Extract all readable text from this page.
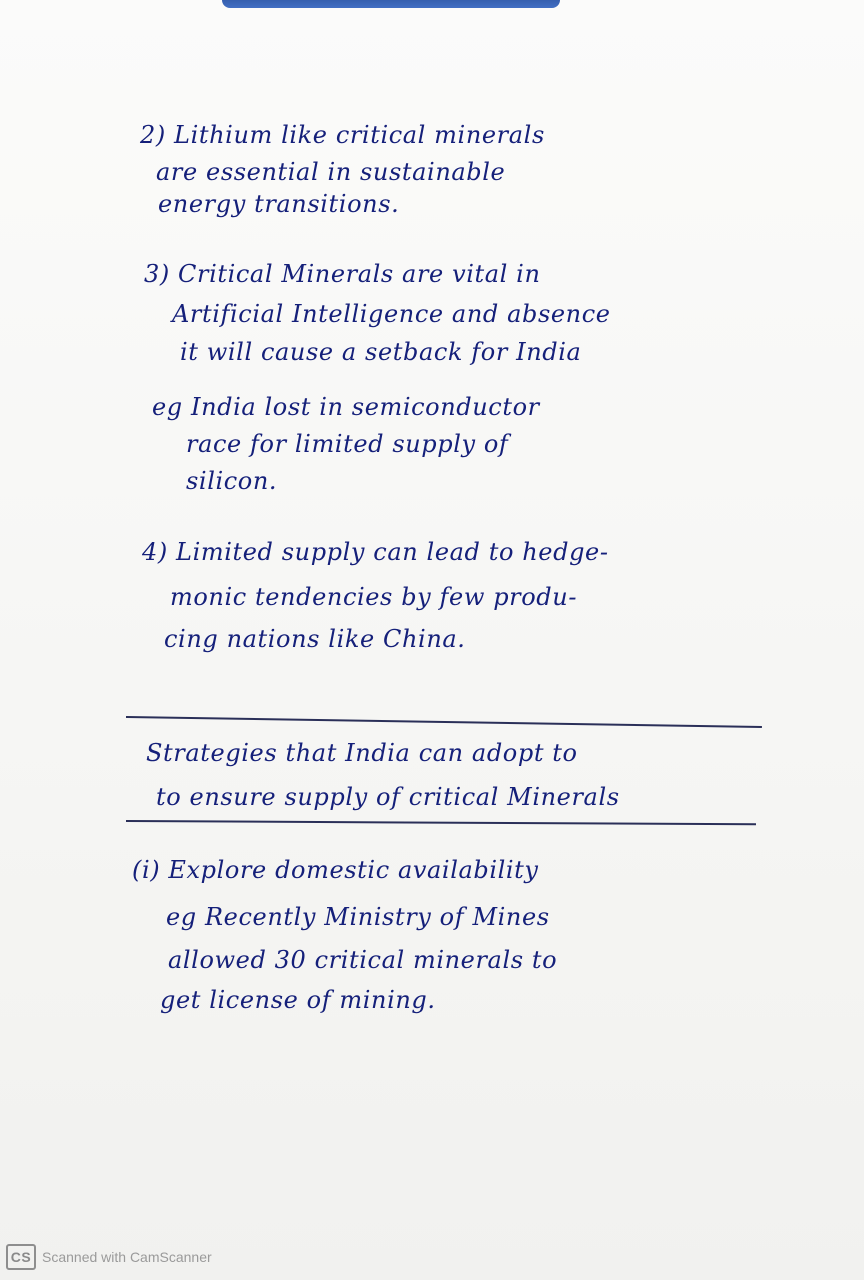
2) Lithium like critical minerals
are essential in sustainable
energy transitions.
3) Critical Minerals are vital in
Artificial Intelligence and absence
it will cause a setback for India
eg India lost in semiconductor
race for limited supply of
silicon.
4) Limited supply can lead to hedge-
monic tendencies by few produ-
cing nations like China.
Strategies that India can adopt to
to ensure supply of critical Minerals
(i) Explore domestic availability
eg Recently Ministry of Mines
allowed 30 critical minerals to
get license of mining.
CS Scanned with CamScanner
